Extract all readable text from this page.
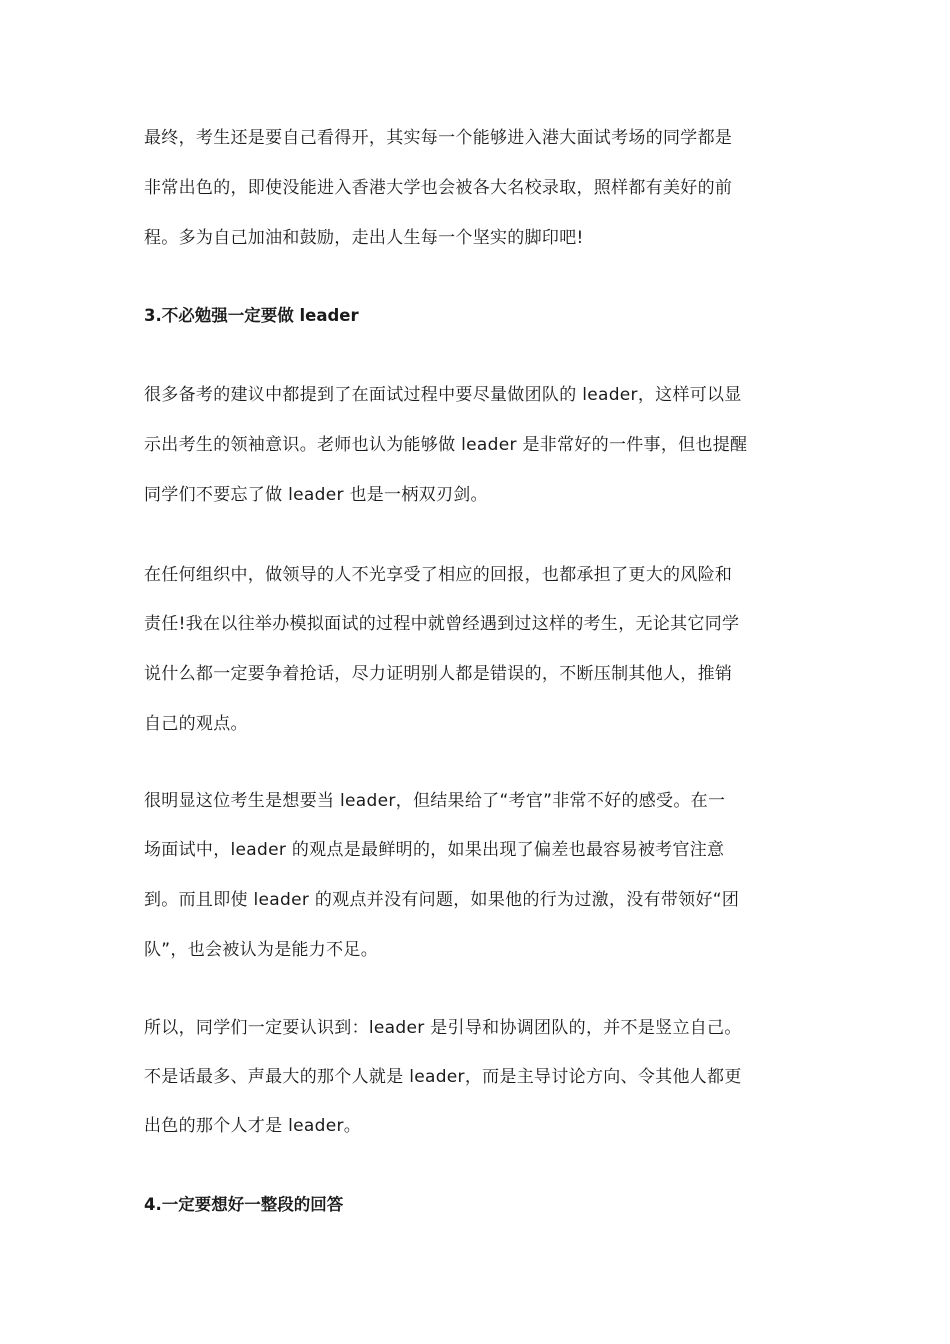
最终，考生还是要自己看得开，其实每一个能够进入港大面试考场的同学都是
非常出色的，即使没能进入香港大学也会被各大名校录取，照样都有美好的前
程。多为自己加油和鼓励，走出人生每一个坚实的脚印吧!
3.不必勉强一定要做 leader
很多备考的建议中都提到了在面试过程中要尽量做团队的 leader，这样可以显
示出考生的领袖意识。老师也认为能够做 leader 是非常好的一件事，但也提醒
同学们不要忘了做 leader 也是一柄双刃剑。
在任何组织中，做领导的人不光享受了相应的回报，也都承担了更大的风险和
责任!我在以往举办模拟面试的过程中就曾经遇到过这样的考生，无论其它同学
说什么都一定要争着抢话，尽力证明别人都是错误的，不断压制其他人，推销
自己的观点。
很明显这位考生是想要当 leader，但结果给了“考官”非常不好的感受。在一
场面试中，leader 的观点是最鲜明的，如果出现了偏差也最容易被考官注意
到。而且即使 leader 的观点并没有问题，如果他的行为过激，没有带领好“团
队”，也会被认为是能力不足。
所以，同学们一定要认识到：leader 是引导和协调团队的，并不是竖立自己。
不是话最多、声最大的那个人就是 leader，而是主导讨论方向、令其他人都更
出色的那个人才是 leader。
4.一定要想好一整段的回答
